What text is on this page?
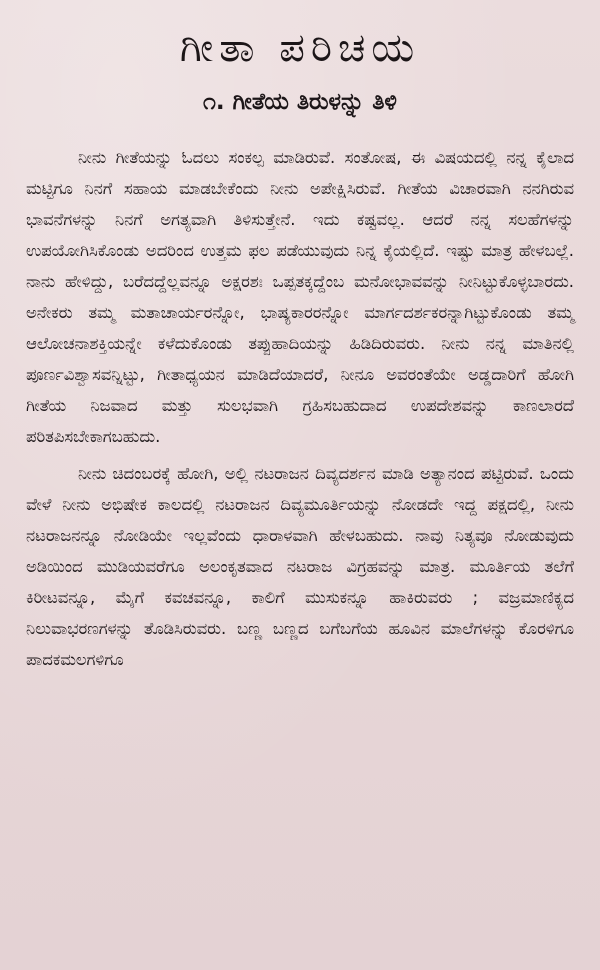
ಗೀತಾ ಪರಿಚಯ
೧. ಗೀತೆಯ ತಿರುಳನ್ನು ತಿಳಿ

ನೀನು ಗೀತೆಯನ್ನು ಓದಲು ಸಂಕಲ್ಪ ಮಾಡಿರುವೆ. ಸಂತೋಷ, ಈ ವಿಷಯದಲ್ಲಿ ನನ್ನ ಕೈಲಾದ ಮಟ್ಟಿಗೂ ನಿನಗೆ ಸಹಾಯ ಮಾಡಬೇಕೆಂದು ನೀನು ಅಪೇಕ್ಷಿಸಿರುವೆ. ಗೀತೆಯ ವಿಚಾರವಾಗಿ ನನಗಿರುವ ಭಾವನೆಗಳನ್ನು ನಿನಗೆ ಅಗತ್ಯವಾಗಿ ತಿಳಿಸುತ್ತೇನೆ. ಇದು ಕಷ್ಟವಲ್ಲ. ಆದರೆ ನನ್ನ ಸಲಹೆಗಳನ್ನು ಉಪಯೋಗಿಸಿಕೊಂಡು ಅದರಿಂದ ಉತ್ತಮ ಫಲ ಪಡೆಯುವುದು ನಿನ್ನ ಕೈಯಲ್ಲಿದೆ. ಇಷ್ಟು ಮಾತ್ರ ಹೇಳಬಲ್ಲೆ. ನಾನು ಹೇಳಿದ್ದು, ಬರೆದದ್ದೆಲ್ಲವನ್ನೂ ಅಕ್ಷರಶಃ ಒಪ್ಪತಕ್ಕದ್ದೆಂಬ ಮನೋಭಾವವನ್ನು ನೀನಿಟ್ಟುಕೊಳ್ಳಬಾರದು. ಅನೇಕರು ತಮ್ಮ ಮತಾಚಾರ್ಯರನ್ನೋ, ಭಾಷ್ಯಕಾರರನ್ನೋ ಮಾರ್ಗದರ್ಶಕರನ್ನಾಗಿಟ್ಟುಕೊಂಡು ತಮ್ಮ ಆಲೋಚನಾಶಕ್ತಿಯನ್ನೇ ಕಳೆದುಕೊಂಡು ತಪ್ಪುಹಾದಿಯನ್ನು ಹಿಡಿದಿರುವರು. ನೀನು ನನ್ನ ಮಾತಿನಲ್ಲಿ ಪೂರ್ಣವಿಶ್ವಾಸವನ್ನಿಟ್ಟು, ಗೀತಾಧ್ಯಯನ ಮಾಡಿದೆಯಾದರೆ, ನೀನೂ ಅವರಂತೆಯೇ ಅಡ್ಡದಾರಿಗೆ ಹೋಗಿ ಗೀತೆಯ ನಿಜವಾದ ಮತ್ತು ಸುಲಭವಾಗಿ ಗ್ರಹಿಸಬಹುದಾದ ಉಪದೇಶವನ್ನು ಕಾಣಲಾರದೆ ಪರಿತಪಿಸಬೇಕಾಗಬಹುದು.

ನೀನು ಚಿದಂಬರಕ್ಕೆ ಹೋಗಿ, ಅಲ್ಲಿ ನಟರಾಜನ ದಿವ್ಯದರ್ಶನ ಮಾಡಿ ಅತ್ಯಾನಂದ ಪಟ್ಟಿರುವೆ. ಒಂದು ವೇಳೆ ನೀನು ಅಭಿಷೇಕ ಕಾಲದಲ್ಲಿ ನಟರಾಜನ ದಿವ್ಯಮೂರ್ತಿಯನ್ನು ನೋಡದೇ ಇದ್ದ ಪಕ್ಷದಲ್ಲಿ, ನೀನು ನಟರಾಜನನ್ನೂ ನೋಡಿಯೇ ಇಲ್ಲವೆಂದು ಧಾರಾಳವಾಗಿ ಹೇಳಬಹುದು. ನಾವು ನಿತ್ಯವೂ ನೋಡುವುದು ಅಡಿಯಿಂದ ಮುಡಿಯವರೆಗೂ ಅಲಂಕೃತವಾದ ನಟರಾಜ ವಿಗ್ರಹವನ್ನು ಮಾತ್ರ. ಮೂರ್ತಿಯ ತಲೆಗೆ ಕಿರೀಟವನ್ನೂ, ಮೈಗೆ ಕವಚವನ್ನೂ, ಕಾಲಿಗೆ ಮುಸುಕನ್ನೂ ಹಾಕಿರುವರು ; ವಜ್ರಮಾಣಿಕ್ಯದ ನಿಲುವಾಭರಣಗಳನ್ನು ತೊಡಿಸಿರುವರು. ಬಣ್ಣ ಬಣ್ಣದ ಬಗೆಬಗೆಯ ಹೂವಿನ ಮಾಲೆಗಳನ್ನು ಕೊರಳಿಗೂ ಪಾದಕಮಲಗಳಿಗೂ
